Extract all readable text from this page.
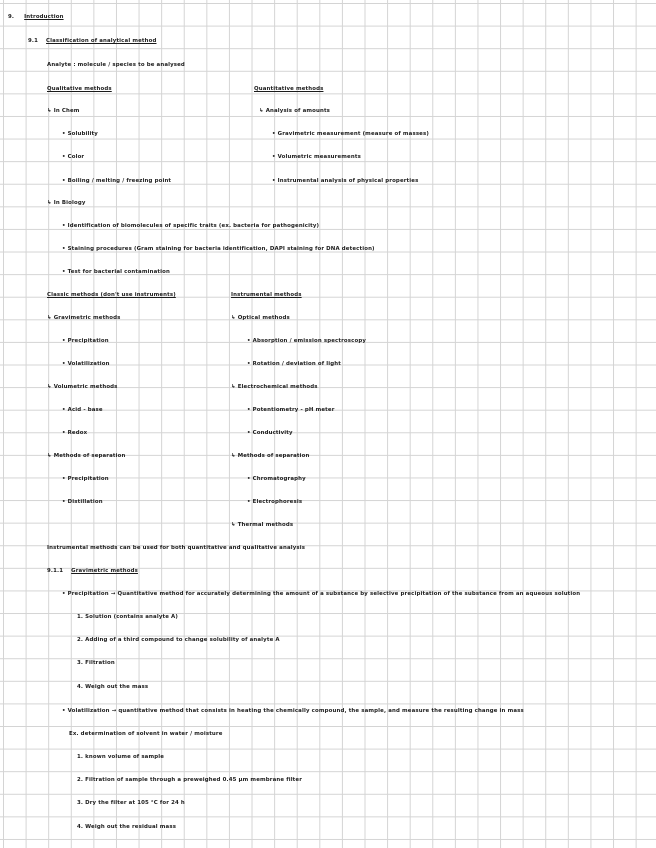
9. Introduction
9.1 Classification of analytical method
Analyte : molecule / species to be analysed
Qualitative methods
↳ In Chem
• Solubility
• Color
• Boiling / melting / freezing point
↳ In Biology
• Identification of biomolecules of specific traits (ex. bacteria for pathogenicity)
• Staining procedures (Gram staining for bacteria identification, DAPI staining for DNA detection)
• Test for bacterial contamination
Quantitative methods
↳ Analysis of amounts
• Gravimetric measurement (measure of masses)
• Volumetric measurements
• Instrumental analysis of physical properties
Classic methods (don't use instruments)
↳ Gravimetric methods
• Precipitation
• Volatilization
↳ Volumetric methods
• Acid - base
• Redox
↳ Methods of separation
• Precipitation
• Distillation
Instrumental methods
↳ Optical methods
• Absorption / emission spectroscopy
• Rotation / deviation of light
↳ Electrochemical methods
• Potentiometry - pH meter
• Conductivity
↳ Methods of separation
• Chromatography
• Electrophoresis
↳ Thermal methods
Instrumental methods can be used for both quantitative and qualitative analysis
9.1.1 Gravimetric methods
• Precipitation → Quantitative method for accurately determining the amount of a substance by selective precipitation of the substance from an aqueous solution
1. Solution (contains analyte A)
2. Adding of a third compound to change solubility of analyte A
3. Filtration
4. Weigh out the mass
• Volatilization → quantitative method that consists in heating the chemically compound, the sample, and measure the resulting change in mass
Ex. determination of solvent in water / moisture
1. known volume of sample
2. Filtration of sample through a preweighed 0.45 μm membrane filter
3. Dry the filter at 105 °C for 24 h
4. Weigh out the residual mass
